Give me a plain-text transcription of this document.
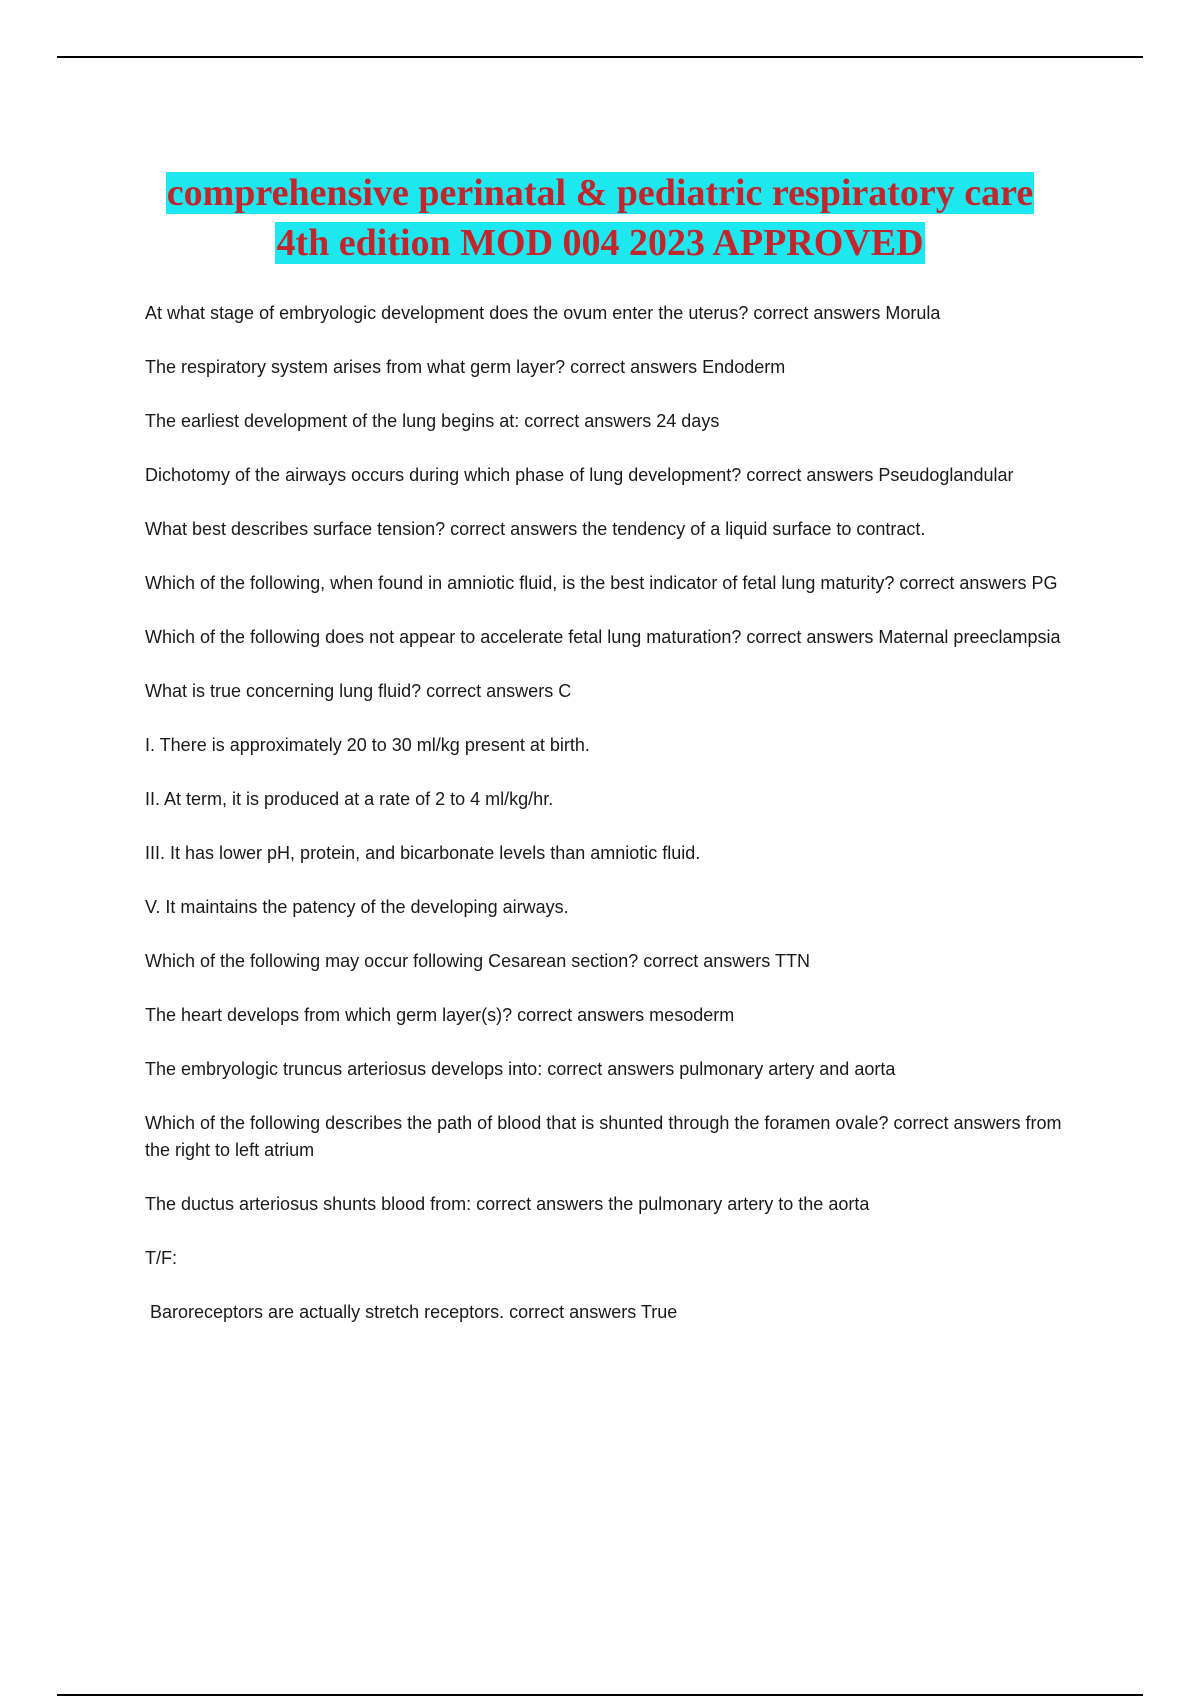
comprehensive perinatal & pediatric respiratory care
4th edition MOD 004 2023 APPROVED

At what stage of embryologic development does the ovum enter the uterus? correct answers Morula

The respiratory system arises from what germ layer? correct answers Endoderm

The earliest development of the lung begins at: correct answers 24 days

Dichotomy of the airways occurs during which phase of lung development? correct answers Pseudoglandular

What best describes surface tension? correct answers the tendency of a liquid surface to contract.

Which of the following, when found in amniotic fluid, is the best indicator of fetal lung maturity? correct answers PG

Which of the following does not appear to accelerate fetal lung maturation? correct answers Maternal preeclampsia

What is true concerning lung fluid? correct answers C

I. There is approximately 20 to 30 ml/kg present at birth.

II. At term, it is produced at a rate of 2 to 4 ml/kg/hr.

III. It has lower pH, protein, and bicarbonate levels than amniotic fluid.

V. It maintains the patency of the developing airways.

Which of the following may occur following Cesarean section? correct answers TTN

The heart develops from which germ layer(s)? correct answers mesoderm

The embryologic truncus arteriosus develops into: correct answers pulmonary artery and aorta

Which of the following describes the path of blood that is shunted through the foramen ovale? correct answers from the right to left atrium

The ductus arteriosus shunts blood from: correct answers the pulmonary artery to the aorta

T/F:

Baroreceptors are actually stretch receptors. correct answers True
